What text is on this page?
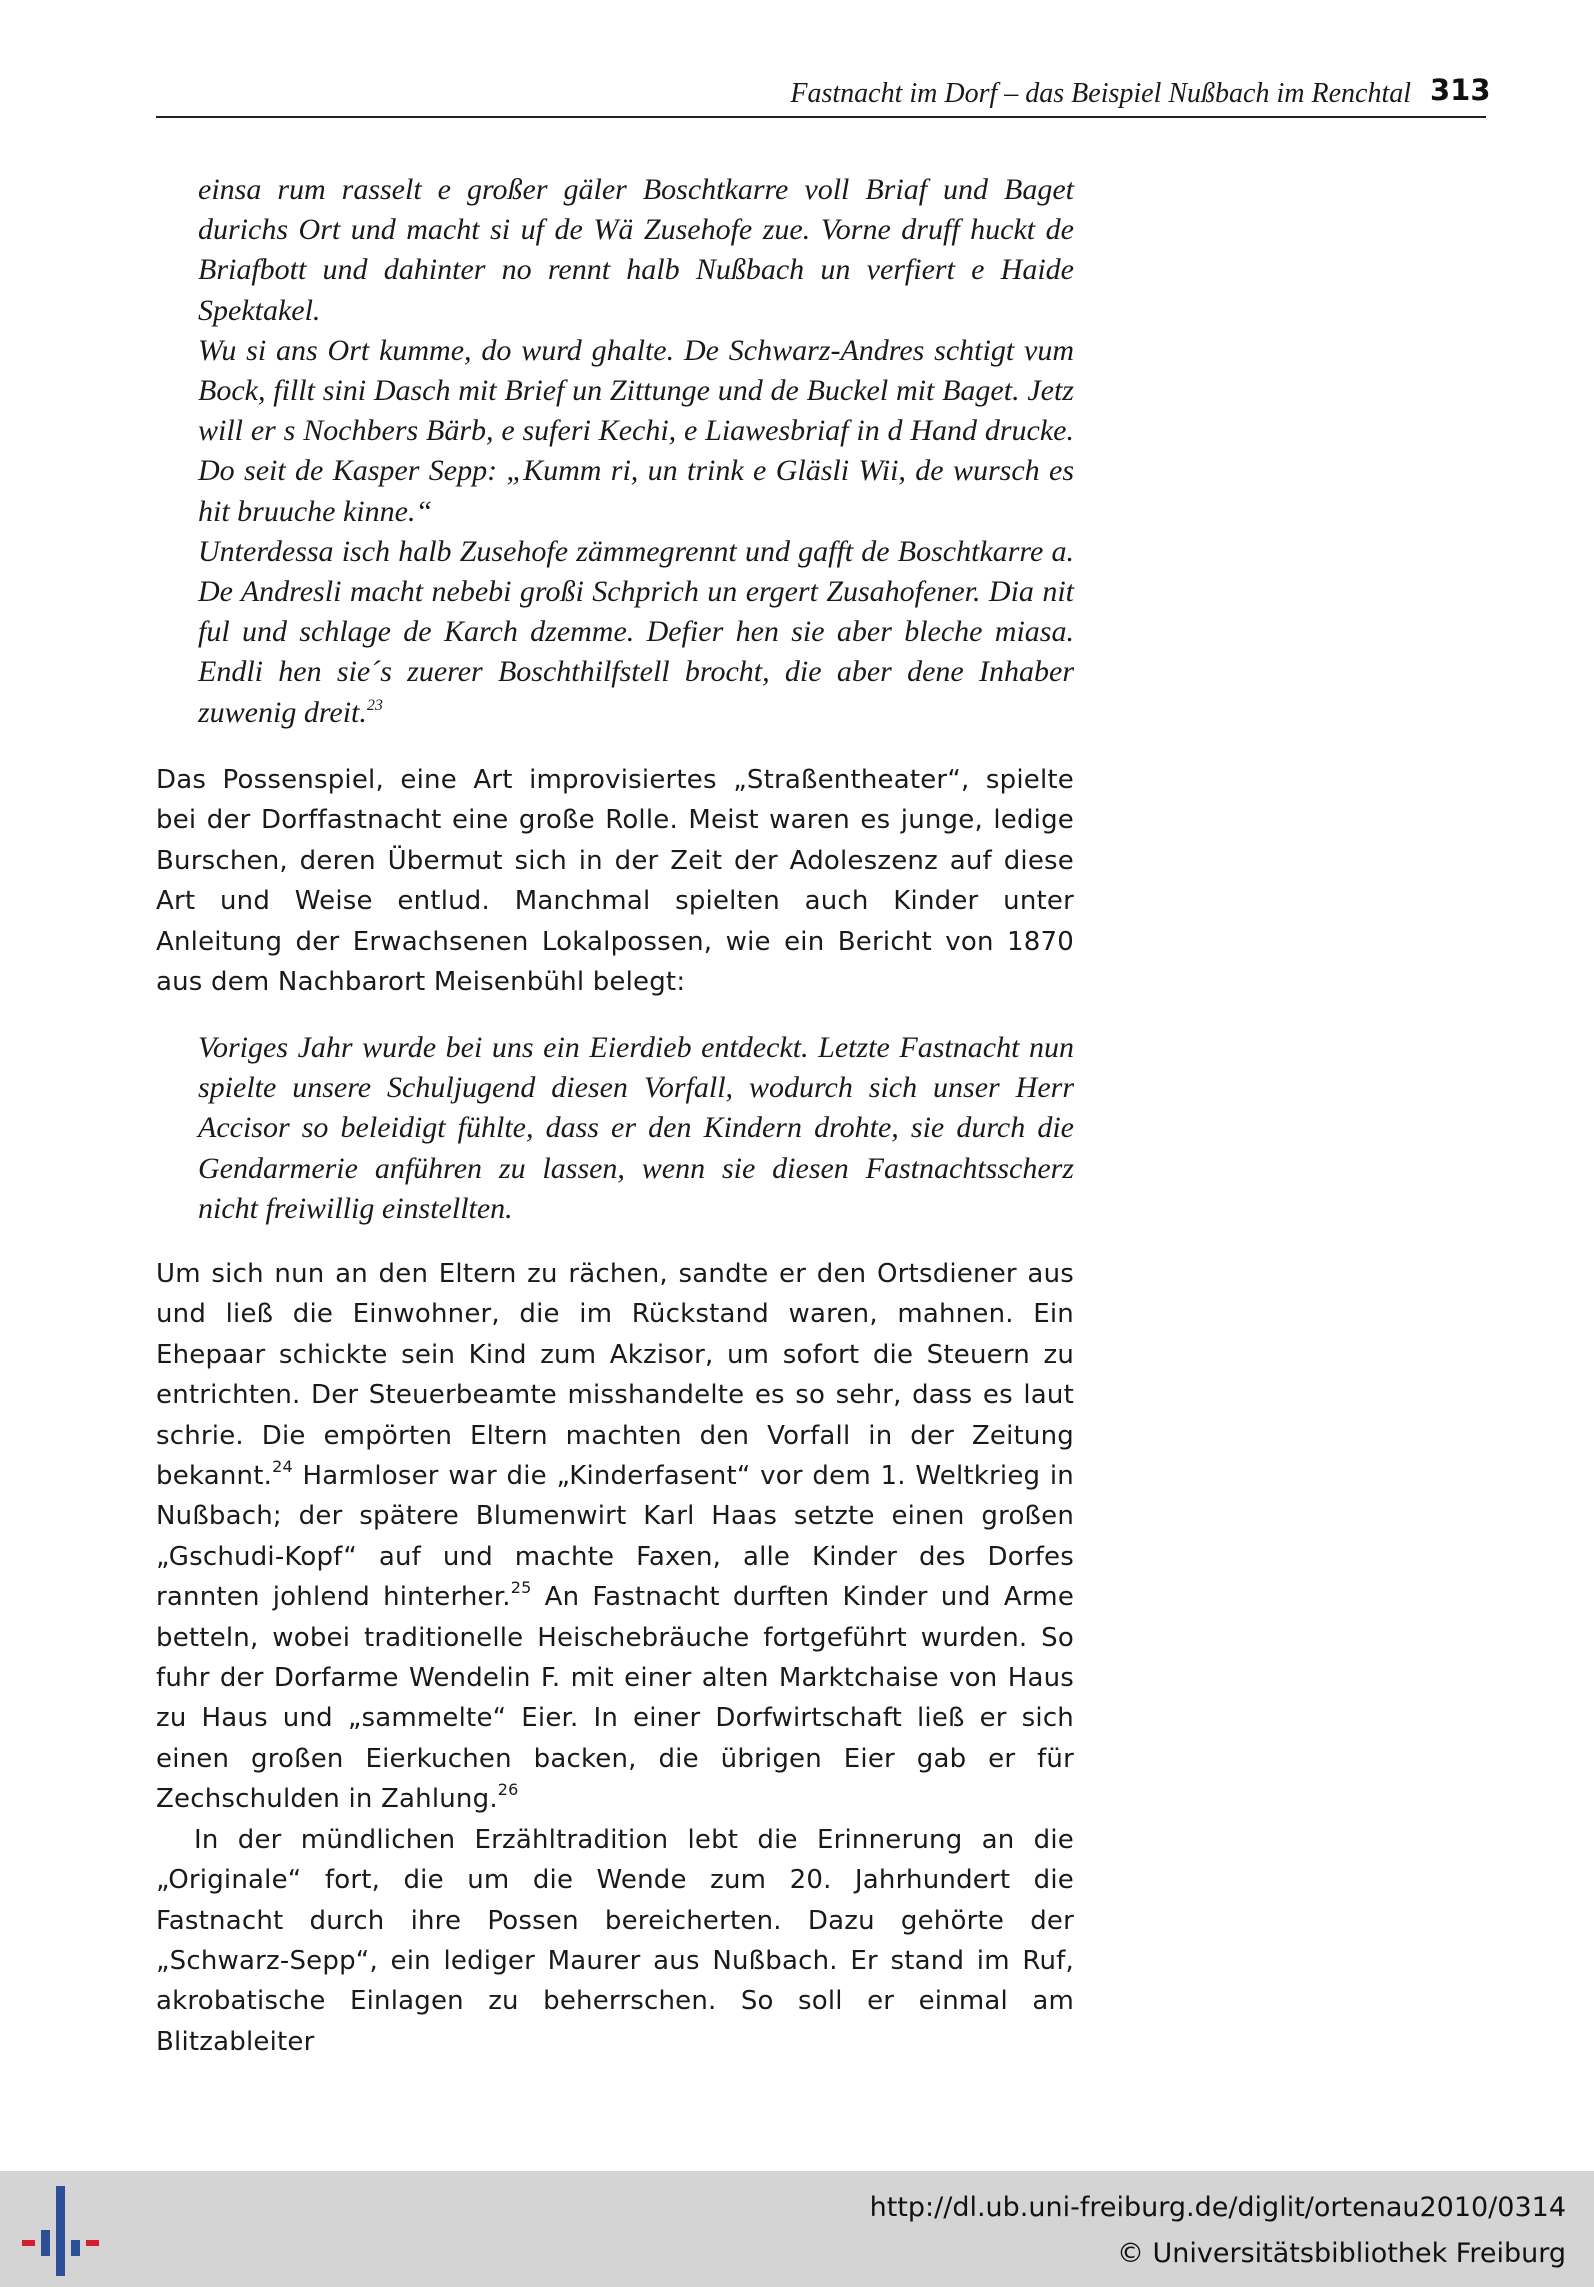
Fastnacht im Dorf – das Beispiel Nußbach im Renchtal 313

einsa rum rasselt e großer gäler Boschtkarre voll Briaf und Baget durichs Ort und macht si uf de Wä Zusehofe zue. Vorne druff huckt de Briafbott und dahinter no rennt halb Nußbach un verfiert e Haide Spektakel.

Wu si ans Ort kumme, do wurd ghalte. De Schwarz-Andres schtigt vum Bock, fillt sini Dasch mit Brief un Zittunge und de Buckel mit Baget. Jetz will er s Nochbers Bärb, e suferi Kechi, e Liawesbriaf in d Hand drucke. Do seit de Kasper Sepp: „Kumm ri, un trink e Gläsli Wii, de wursch es hit bruuche kinne.“

Unterdessa isch halb Zusehofe zämmegrennt und gafft de Boschtkarre a. De Andresli macht nebebi großi Schprich un ergert Zusahofener. Dia nit ful und schlage de Karch dzemme. Defier hen sie aber bleche miasa. Endli hen sie´s zuerer Boschthilfstell brocht, die aber dene Inhaber zuwenig dreit.$^{23}$

Das Possenspiel, eine Art improvisiertes „Straßentheater“, spielte bei der Dorffastnacht eine große Rolle. Meist waren es junge, ledige Burschen, deren Übermut sich in der Zeit der Adoleszenz auf diese Art und Weise entlud. Manchmal spielten auch Kinder unter Anleitung der Erwachsenen Lokalpossen, wie ein Bericht von 1870 aus dem Nachbarort Meisenbühl belegt:

Voriges Jahr wurde bei uns ein Eierdieb entdeckt. Letzte Fastnacht nun spielte unsere Schuljugend diesen Vorfall, wodurch sich unser Herr Accisor so beleidigt fühlte, dass er den Kindern drohte, sie durch die Gendarmerie anführen zu lassen, wenn sie diesen Fastnachtsscherz nicht freiwillig einstellten.

Um sich nun an den Eltern zu rächen, sandte er den Ortsdiener aus und ließ die Einwohner, die im Rückstand waren, mahnen. Ein Ehepaar schickte sein Kind zum Akzisor, um sofort die Steuern zu entrichten. Der Steuerbeamte misshandelte es so sehr, dass es laut schrie. Die empörten Eltern machten den Vorfall in der Zeitung bekannt.$^{24}$ Harmloser war die „Kinderfasent“ vor dem 1. Weltkrieg in Nußbach; der spätere Blumenwirt Karl Haas setzte einen großen „Gschudi-Kopf“ auf und machte Faxen, alle Kinder des Dorfes rannten johlend hinterher.$^{25}$ An Fastnacht durften Kinder und Arme betteln, wobei traditionelle Heischebräuche fortgeführt wurden. So fuhr der Dorfarme Wendelin F. mit einer alten Marktchaise von Haus zu Haus und „sammelte“ Eier. In einer Dorfwirtschaft ließ er sich einen großen Eierkuchen backen, die übrigen Eier gab er für Zechschulden in Zahlung.$^{26}$

In der mündlichen Erzähltradition lebt die Erinnerung an die „Originale“ fort, die um die Wende zum 20. Jahrhundert die Fastnacht durch ihre Possen bereicherten. Dazu gehörte der „Schwarz-Sepp“, ein lediger Maurer aus Nußbach. Er stand im Ruf, akrobatische Einlagen zu beherrschen. So soll er einmal am Blitzableiter

http://dl.ub.uni-freiburg.de/diglit/ortenau2010/0314
© Universitätsbibliothek Freiburg
